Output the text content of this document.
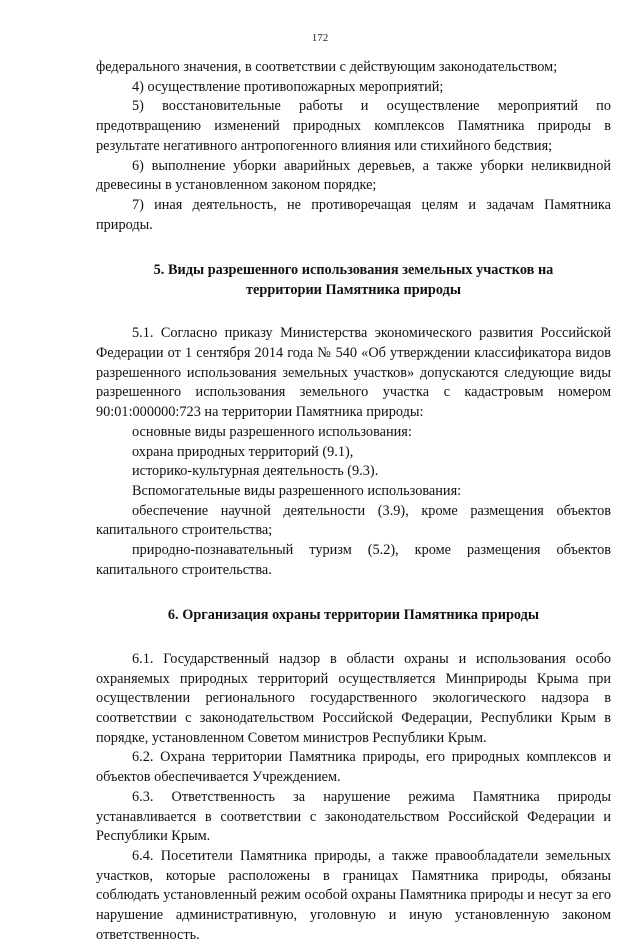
172

федерального значения, в соответствии с действующим законодательством;

4) осуществление противопожарных мероприятий;

5) восстановительные работы и осуществление мероприятий по предотвращению изменений природных комплексов Памятника природы в результате негативного антропогенного влияния или стихийного бедствия;

6) выполнение уборки аварийных деревьев, а также уборки неликвидной древесины в установленном законом порядке;

7) иная деятельность, не противоречащая целям и задачам Памятника природы.

5. Виды разрешенного использования земельных участков на
территории Памятника природы

5.1. Согласно приказу Министерства экономического развития Российской Федерации от 1 сентября 2014 года № 540 «Об утверждении классификатора видов разрешенного использования земельных участков» допускаются следующие виды разрешенного использования земельного участка с кадастровым номером 90:01:000000:723 на территории Памятника природы:

основные виды разрешенного использования:

охрана природных территорий (9.1),

историко-культурная деятельность (9.3).

Вспомогательные виды разрешенного использования:

обеспечение научной деятельности (3.9), кроме размещения объектов капитального строительства;

природно-познавательный туризм (5.2), кроме размещения объектов капитального строительства.

6. Организация охраны территории Памятника природы

6.1. Государственный надзор в области охраны и использования особо охраняемых природных территорий осуществляется Минприроды Крыма при осуществлении регионального государственного экологического надзора в соответствии с законодательством Российской Федерации, Республики Крым в порядке, установленном Советом министров Республики Крым.

6.2. Охрана территории Памятника природы, его природных комплексов и объектов обеспечивается Учреждением.

6.3. Ответственность за нарушение режима Памятника природы устанавливается в соответствии с законодательством Российской Федерации и Республики Крым.

6.4. Посетители Памятника природы, а также правообладатели земельных участков, которые расположены в границах Памятника природы, обязаны соблюдать установленный режим особой охраны Памятника природы и несут за его нарушение административную, уголовную и иную установленную законом ответственность.
